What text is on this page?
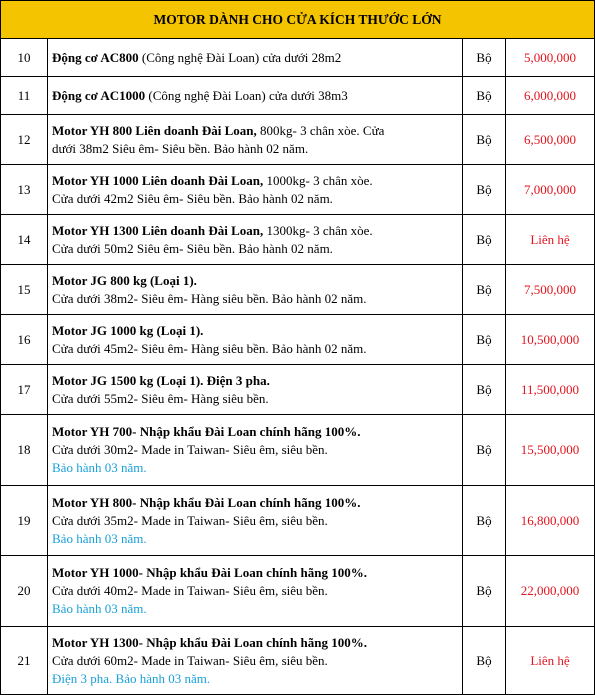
MOTOR DÀNH CHO CỬA KÍCH THƯỚC LỚN			
10	Động cơ AC800 (Công nghệ Đài Loan) cửa dưới 28m2	Bộ	5,000,000
11	Động cơ AC1000 (Công nghệ Đài Loan) cửa dưới 38m3	Bộ	6,000,000
12	Motor YH 800 Liên doanh Đài Loan, 800kg- 3 chân xòe. Cửa
dưới 38m2 Siêu êm- Siêu bền. Bảo hành 02 năm.	Bộ	6,500,000
13	Motor YH 1000 Liên doanh Đài Loan, 1000kg- 3 chân xòe.
Cửa dưới 42m2 Siêu êm- Siêu bền. Bảo hành 02 năm.	Bộ	7,000,000
14	Motor YH 1300 Liên doanh Đài Loan, 1300kg- 3 chân xòe.
Cửa dưới 50m2 Siêu êm- Siêu bền. Bảo hành 02 năm.	Bộ	Liên hệ
15	Motor JG 800 kg (Loại 1).
Cửa dưới 38m2- Siêu êm- Hàng siêu bền. Bảo hành 02 năm.	Bộ	7,500,000
16	Motor JG 1000 kg (Loại 1).
Cửa dưới 45m2- Siêu êm- Hàng siêu bền. Bảo hành 02 năm.	Bộ	10,500,000
17	Motor JG 1500 kg (Loại 1). Điện 3 pha.
Cửa dưới 55m2- Siêu êm- Hàng siêu bền.	Bộ	11,500,000
18	Motor YH 700- Nhập khẩu Đài Loan chính hãng 100%.
Cửa dưới 30m2- Made in Taiwan- Siêu êm, siêu bền.
Bảo hành 03 năm.	Bộ	15,500,000
19	Motor YH 800- Nhập khẩu Đài Loan chính hãng 100%.
Cửa dưới 35m2- Made in Taiwan- Siêu êm, siêu bền.
Bảo hành 03 năm.	Bộ	16,800,000
20	Motor YH 1000- Nhập khẩu Đài Loan chính hãng 100%.
Cửa dưới 40m2- Made in Taiwan- Siêu êm, siêu bền.
Bảo hành 03 năm.	Bộ	22,000,000
21	Motor YH 1300- Nhập khẩu Đài Loan chính hãng 100%.
Cửa dưới 60m2- Made in Taiwan- Siêu êm, siêu bền.
Điện 3 pha. Bảo hành 03 năm.	Bộ	Liên hệ
